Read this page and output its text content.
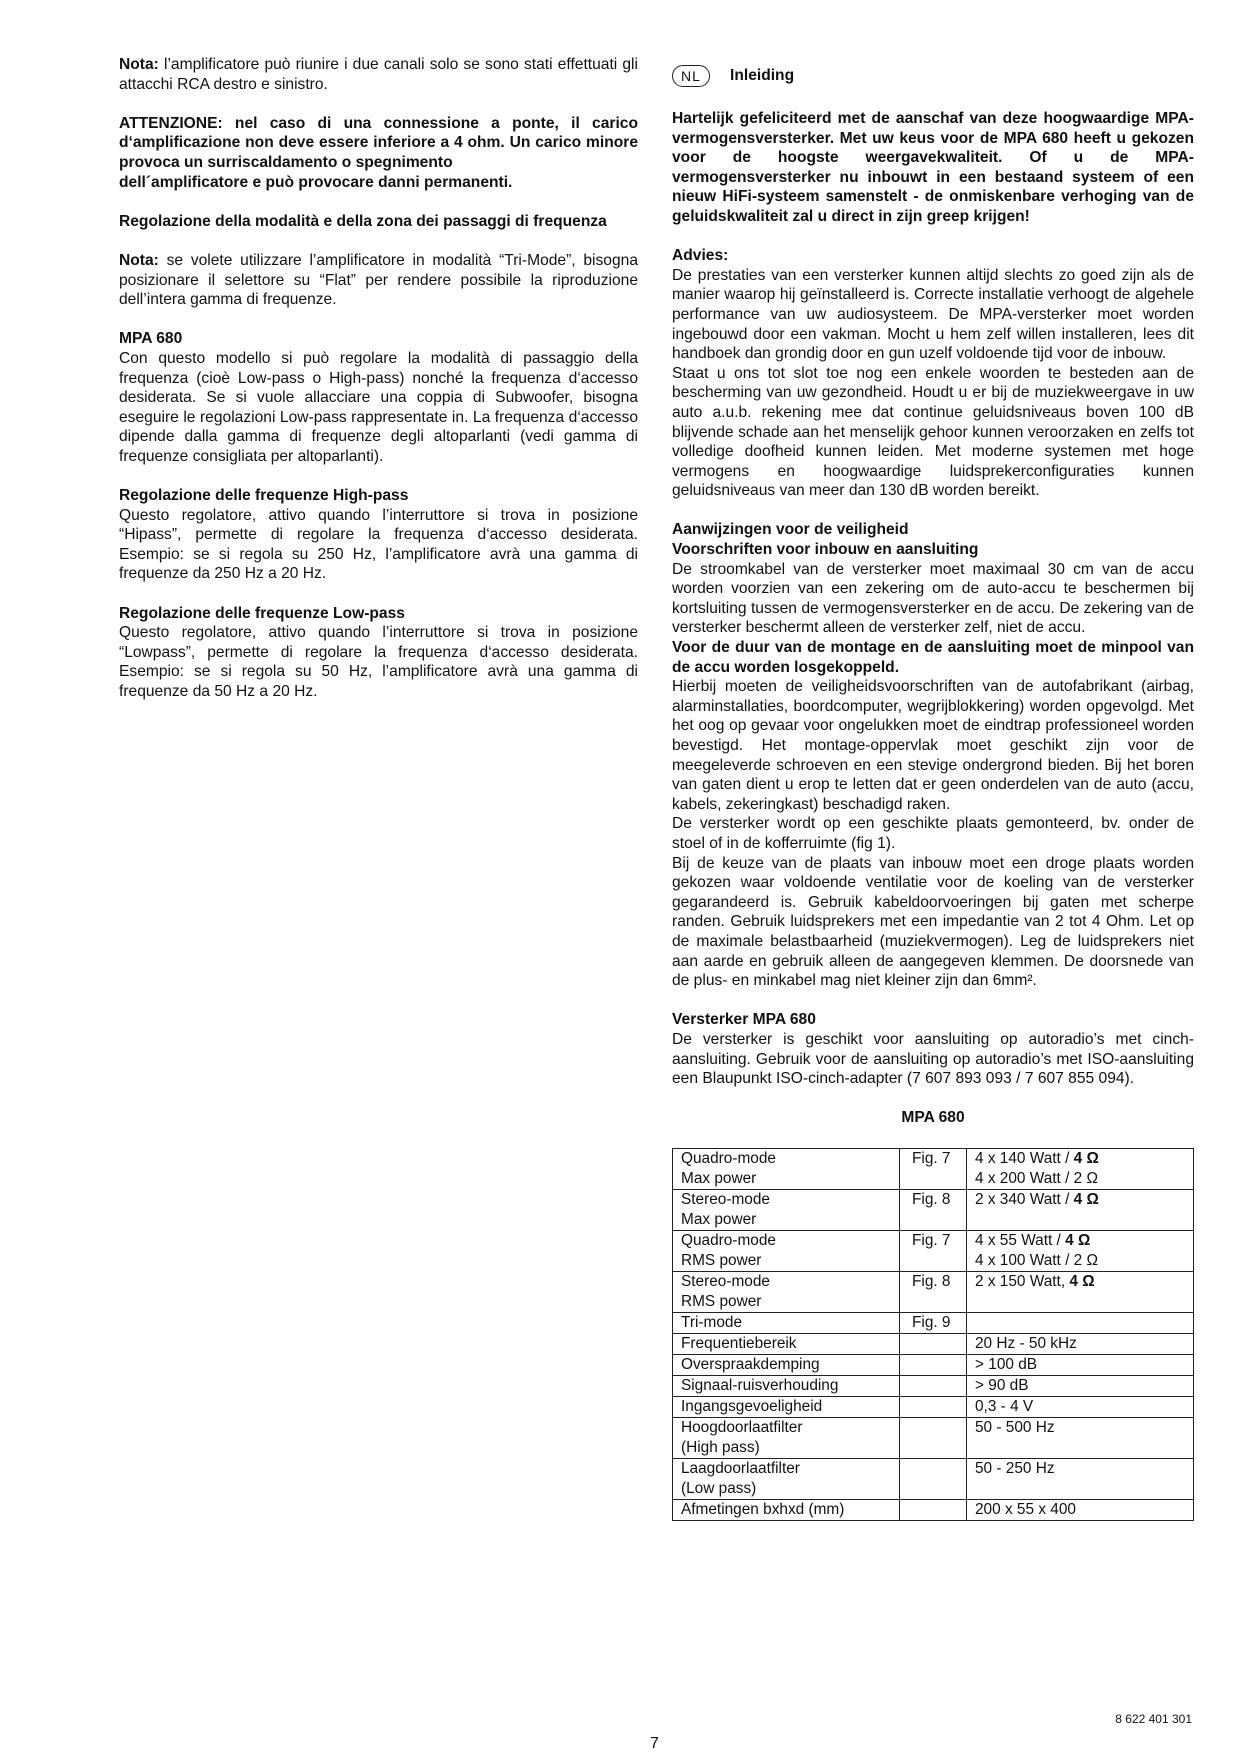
Nota: l’amplificatore può riunire i due canali solo se sono stati effettuati gli attacchi RCA destro e sinistro.

ATTENZIONE: nel caso di una connessione a ponte, il carico d‘amplificazione non deve essere inferiore a 4 ohm. Un carico minore provoca un surriscaldamento o spegnimento

dell´amplificatore e può provocare danni permanenti.

Regolazione della modalità e della zona dei passaggi di frequenza

Nota: se volete utilizzare l’amplificatore in modalità “Tri-Mode”, bisogna posizionare il selettore su “Flat” per rendere possibile la riproduzione dell’intera gamma di frequenze.

MPA 680

Con questo modello si può regolare la modalità di passaggio della frequenza (cioè Low-pass o High-pass) nonché la frequenza d‘accesso desiderata. Se si vuole allacciare una coppia di Subwoofer, bisogna eseguire le regolazioni Low-pass rappresentate in. La frequenza d‘accesso dipende dalla gamma di frequenze degli altoparlanti (vedi gamma di frequenze consigliata per altoparlanti).

Regolazione delle frequenze High-pass

Questo regolatore, attivo quando l’interruttore si trova in posizione “Hipass”, permette di regolare la frequenza d‘accesso desiderata. Esempio: se si regola su 250 Hz, l’amplificatore avrà una gamma di frequenze da 250 Hz a 20 Hz.

Regolazione delle frequenze Low-pass

Questo regolatore, attivo quando l’interruttore si trova in posizione “Lowpass”, permette di regolare la frequenza d‘accesso desiderata. Esempio: se si regola su 50 Hz, l’amplificatore avrà una gamma di frequenze da 50 Hz a 20 Hz.

NL	Inleiding

Hartelijk gefeliciteerd met de aanschaf van deze hoogwaardige MPA-vermogensversterker. Met uw keus voor de MPA 680 heeft u gekozen voor de hoogste weergavekwaliteit. Of u de MPA-vermogensversterker nu inbouwt in een bestaand systeem of een nieuw HiFi-systeem samenstelt - de onmiskenbare verhoging van de geluidskwaliteit zal u direct in zijn greep krijgen!

Advies:

De prestaties van een versterker kunnen altijd slechts zo goed zijn als de manier waarop hij geïnstalleerd is. Correcte installatie verhoogt de algehele performance van uw audiosysteem. De MPA-versterker moet worden ingebouwd door een vakman. Mocht u hem zelf willen installeren, lees dit handboek dan grondig door en gun uzelf voldoende tijd voor de inbouw.

Staat u ons tot slot toe nog een enkele woorden te besteden aan de bescherming van uw gezondheid. Houdt u er bij de muziekweergave in uw auto a.u.b. rekening mee dat continue geluidsniveaus boven 100 dB blijvende schade aan het menselijk gehoor kunnen veroorzaken en zelfs tot volledige doofheid kunnen leiden. Met moderne systemen met hoge vermogens en hoogwaardige luidsprekerconfiguraties kunnen geluidsniveaus van meer dan 130 dB worden bereikt.

Aanwijzingen voor de veiligheid

Voorschriften voor inbouw en aansluiting

De stroomkabel van de versterker moet maximaal 30 cm van de accu worden voorzien van een zekering om de auto-accu te beschermen bij kortsluiting tussen de vermogensversterker en de accu. De zekering van de versterker beschermt alleen de versterker zelf, niet de accu.

Voor de duur van de montage en de aansluiting moet de minpool van de accu worden losgekoppeld.

Hierbij moeten de veiligheidsvoorschriften van de autofabrikant (airbag, alarminstallaties, boordcomputer, wegrijblokkering) worden opgevolgd. Met het oog op gevaar voor ongelukken moet de eindtrap professioneel worden bevestigd. Het montage-oppervlak moet geschikt zijn voor de meegeleverde schroeven en een stevige ondergrond bieden. Bij het boren van gaten dient u erop te letten dat er geen onderdelen van de auto (accu, kabels, zekeringkast) beschadigd raken.

De versterker wordt op een geschikte plaats gemonteerd, bv. onder de stoel of in de kofferruimte (fig 1).

Bij de keuze van de plaats van inbouw moet een droge plaats worden gekozen waar voldoende ventilatie voor de koeling van de versterker gegarandeerd is. Gebruik kabeldoorvoeringen bij gaten met scherpe randen. Gebruik luidsprekers met een impedantie van 2 tot 4 Ohm. Let op de maximale belastbaarheid (muziekvermogen). Leg de luidsprekers niet aan aarde en gebruik alleen de aangegeven klemmen. De doorsnede van de plus- en minkabel mag niet kleiner zijn dan 6mm².

Versterker MPA 680

De versterker is geschikt voor aansluiting op autoradio’s met cinch-aansluiting. Gebruik voor de aansluiting op autoradio’s met ISO-aansluiting een Blaupunkt ISO-cinch-adapter (7 607 893 093 / 7 607 855 094).

MPA 680

Quadro-mode
Max power	Fig. 7	4 x 140 Watt / 4 Ω
4 x 200 Watt / 2 Ω

Stereo-mode
Max power	Fig. 8	2 x 340 Watt / 4 Ω

Quadro-mode
RMS power	Fig. 7	4 x 55 Watt / 4 Ω
4 x 100 Watt / 2 Ω

Stereo-mode
RMS power	Fig. 8	2 x 150 Watt, 4 Ω

Tri-mode	Fig. 9	

Frequentiebereik		20 Hz - 50 kHz

Overspraakdemping		> 100 dB

Signaal-ruisverhouding		> 90 dB

Ingangsgevoeligheid		0,3 - 4 V

Hoogdoorlaatfilter
(High pass)		50 - 500 Hz

Laagdoorlaatfilter
(Low pass)		50 - 250 Hz

Afmetingen bxhxd (mm)		200 x 55 x 400
8 622 401 301
7
